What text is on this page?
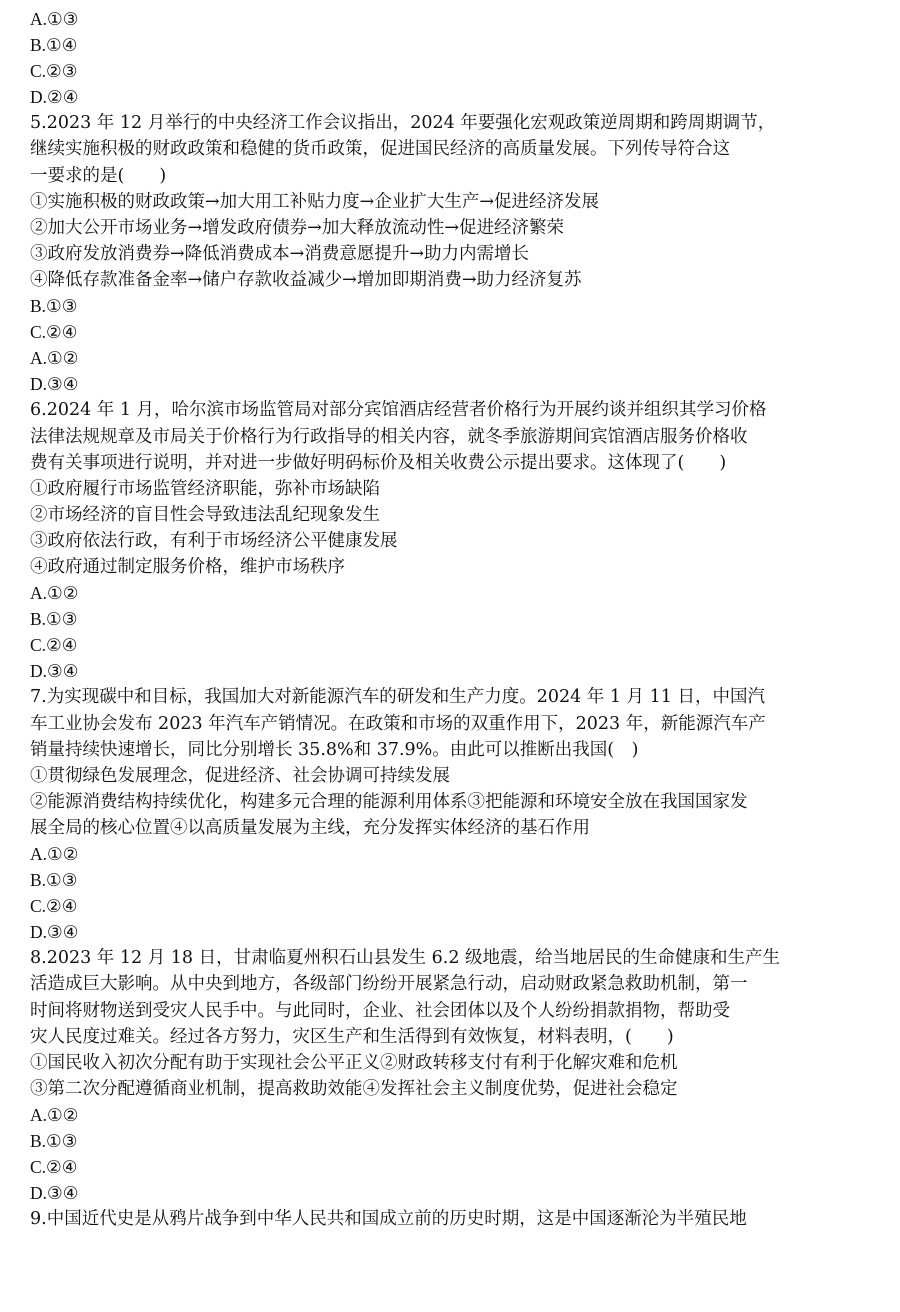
A.①③
B.①④
C.②③
D.②④
5.2023 年 12 月举行的中央经济工作会议指出，2024 年要强化宏观政策逆周期和跨周期调节，
继续实施积极的财政政策和稳健的货币政策，促进国民经济的高质量发展。下列传导符合这
一要求的是(　　)
①实施积极的财政政策→加大用工补贴力度→企业扩大生产→促进经济发展
②加大公开市场业务→增发政府债券→加大释放流动性→促进经济繁荣
③政府发放消费券→降低消费成本→消费意愿提升→助力内需增长
④降低存款准备金率→储户存款收益减少→增加即期消费→助力经济复苏
B.①③
C.②④
A.①②
D.③④
6.2024 年 1 月，哈尔滨市场监管局对部分宾馆酒店经营者价格行为开展约谈并组织其学习价格
法律法规规章及市局关于价格行为行政指导的相关内容，就冬季旅游期间宾馆酒店服务价格收
费有关事项进行说明，并对进一步做好明码标价及相关收费公示提出要求。这体现了(　　)
①政府履行市场监管经济职能，弥补市场缺陷
②市场经济的盲目性会导致违法乱纪现象发生
③政府依法行政，有利于市场经济公平健康发展
④政府通过制定服务价格，维护市场秩序
A.①②
B.①③
C.②④
D.③④
7.为实现碳中和目标，我国加大对新能源汽车的研发和生产力度。2024 年 1 月 11 日，中国汽
车工业协会发布 2023 年汽车产销情况。在政策和市场的双重作用下，2023 年，新能源汽车产
销量持续快速增长，同比分别增长 35.8%和 37.9%。由此可以推断出我国(　)
①贯彻绿色发展理念，促进经济、社会协调可持续发展
②能源消费结构持续优化，构建多元合理的能源利用体系③把能源和环境安全放在我国国家发
展全局的核心位置④以高质量发展为主线，充分发挥实体经济的基石作用
A.①②
B.①③
C.②④
D.③④
8.2023 年 12 月 18 日，甘肃临夏州积石山县发生 6.2 级地震，给当地居民的生命健康和生产生
活造成巨大影响。从中央到地方，各级部门纷纷开展紧急行动，启动财政紧急救助机制，第一
时间将财物送到受灾人民手中。与此同时，企业、社会团体以及个人纷纷捐款捐物，帮助受
灾人民度过难关。经过各方努力，灾区生产和生活得到有效恢复，材料表明，(　　)
①国民收入初次分配有助于实现社会公平正义②财政转移支付有利于化解灾难和危机
③第二次分配遵循商业机制，提高救助效能④发挥社会主义制度优势，促进社会稳定
A.①②
B.①③
C.②④
D.③④
9.中国近代史是从鸦片战争到中华人民共和国成立前的历史时期，这是中国逐渐沦为半殖民地
